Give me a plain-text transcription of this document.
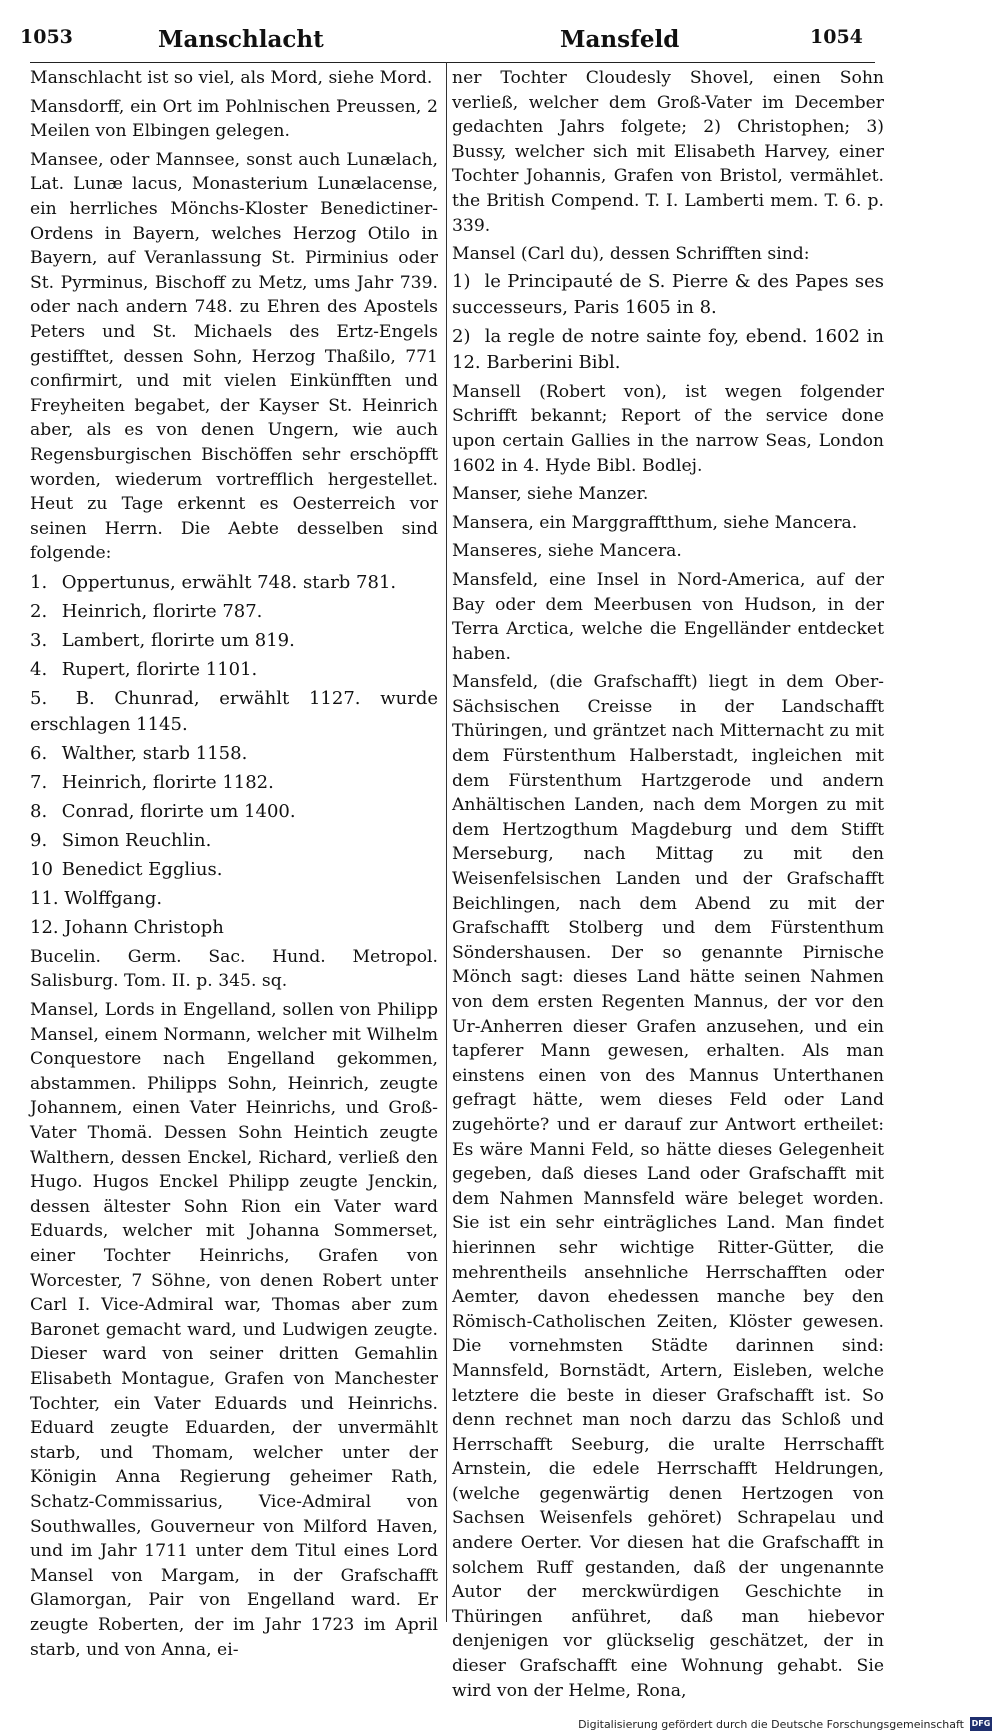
1053	Manschlacht	Mansfeld	1054

Manschlacht ist so viel, als Mord, siehe Mord.

Mansdorff, ein Ort im Pohlnischen Preussen, 2 Meilen von Elbingen gelegen.

Mansee, oder Mannsee, sonst auch Lunælach, Lat. Lunæ lacus, Monasterium Lunælacense, ein herrliches Mönchs-Kloster Benedictiner-Ordens in Bayern, welches Herzog Otilo in Bayern, auf Veranlassung St. Pirminius oder St. Pyrminus, Bischoff zu Metz, ums Jahr 739. oder nach andern 748. zu Ehren des Apostels Peters und St. Michaels des Ertz-Engels gestifftet, dessen Sohn, Herzog Thaßilo, 771 confirmirt, und mit vielen Einkünfften und Freyheiten begabet, der Kayser St. Heinrich aber, als es von denen Ungern, wie auch Regensburgischen Bischöffen sehr erschöpfft worden, wiederum vortrefflich hergestellet. Heut zu Tage erkennt es Oesterreich vor seinen Herrn. Die Aebte desselben sind folgende:

1. Oppertunus, erwählt 748. starb 781.
2. Heinrich, florirte 787.
3. Lambert, florirte um 819.
4. Rupert, florirte 1101.
5. B. Chunrad, erwählt 1127. wurde erschlagen 1145.
6. Walther, starb 1158.
7. Heinrich, florirte 1182.
8. Conrad, florirte um 1400.
9. Simon Reuchlin.
10 Benedict Egglius.
11. Wolffgang.
12. Johann Christoph

Bucelin. Germ. Sac. Hund. Metropol. Salisburg. Tom. II. p. 345. sq.

Mansel, Lords in Engelland, sollen von Philipp Mansel, einem Normann, welcher mit Wilhelm Conquestore nach Engelland gekommen, abstammen. Philipps Sohn, Heinrich, zeugte Johannem, einen Vater Heinrichs, und Groß-Vater Thomä. Dessen Sohn Heintich zeugte Walthern, dessen Enckel, Richard, verließ den Hugo. Hugos Enckel Philipp zeugte Jenckin, dessen ältester Sohn Rion ein Vater ward Eduards, welcher mit Johanna Sommerset, einer Tochter Heinrichs, Grafen von Worcester, 7 Söhne, von denen Robert unter Carl I. Vice-Admiral war, Thomas aber zum Baronet gemacht ward, und Ludwigen zeugte. Dieser ward von seiner dritten Gemahlin Elisabeth Montague, Grafen von Manchester Tochter, ein Vater Eduards und Heinrichs. Eduard zeugte Eduarden, der unvermählt starb, und Thomam, welcher unter der Königin Anna Regierung geheimer Rath, Schatz-Commissarius, Vice-Admiral von Southwalles, Gouverneur von Milford Haven, und im Jahr 1711 unter dem Titul eines Lord Mansel von Margam, in der Grafschafft Glamorgan, Pair von Engelland ward. Er zeugte Roberten, der im Jahr 1723 im April starb, und von Anna, ei-

ner Tochter Cloudesly Shovel, einen Sohn verließ, welcher dem Groß-Vater im December gedachten Jahrs folgete; 2) Christophen; 3) Bussy, welcher sich mit Elisabeth Harvey, einer Tochter Johannis, Grafen von Bristol, vermählet. the British Compend. T. I. Lamberti mem. T. 6. p. 339.

Mansel (Carl du), dessen Schrifften sind:

1) le Principauté de S. Pierre & des Papes ses successeurs, Paris 1605 in 8.
2) la regle de notre sainte foy, ebend. 1602 in 12. Barberini Bibl.

Mansell (Robert von), ist wegen folgender Schrifft bekannt; Report of the service done upon certain Gallies in the narrow Seas, London 1602 in 4. Hyde Bibl. Bodlej.

Manser, siehe Manzer.

Mansera, ein Marggrafftthum, siehe Mancera.

Manseres, siehe Mancera.

Mansfeld, eine Insel in Nord-America, auf der Bay oder dem Meerbusen von Hudson, in der Terra Arctica, welche die Engelländer entdecket haben.

Mansfeld, (die Grafschafft) liegt in dem Ober-Sächsischen Creisse in der Landschafft Thüringen, und gräntzet nach Mitternacht zu mit dem Fürstenthum Halberstadt, ingleichen mit dem Fürstenthum Hartzgerode und andern Anhältischen Landen, nach dem Morgen zu mit dem Hertzogthum Magdeburg und dem Stifft Merseburg, nach Mittag zu mit den Weisenfelsischen Landen und der Grafschafft Beichlingen, nach dem Abend zu mit der Grafschafft Stolberg und dem Fürstenthum Söndershausen. Der so genannte Pirnische Mönch sagt: dieses Land hätte seinen Nahmen von dem ersten Regenten Mannus, der vor den Ur-Anherren dieser Grafen anzusehen, und ein tapferer Mann gewesen, erhalten. Als man einstens einen von des Mannus Unterthanen gefragt hätte, wem dieses Feld oder Land zugehörte? und er darauf zur Antwort ertheilet: Es wäre Manni Feld, so hätte dieses Gelegenheit gegeben, daß dieses Land oder Grafschafft mit dem Nahmen Mannsfeld wäre beleget worden. Sie ist ein sehr einträgliches Land. Man findet hierinnen sehr wichtige Ritter-Gütter, die mehrentheils ansehnliche Herrschafften oder Aemter, davon ehedessen manche bey den Römisch-Catholischen Zeiten, Klöster gewesen. Die vornehmsten Städte darinnen sind: Mannsfeld, Bornstädt, Artern, Eisleben, welche letztere die beste in dieser Grafschafft ist. So denn rechnet man noch darzu das Schloß und Herrschafft Seeburg, die uralte Herrschafft Arnstein, die edele Herrschafft Heldrungen, (welche gegenwärtig denen Hertzogen von Sachsen Weisenfels gehöret) Schrapelau und andere Oerter. Vor diesen hat die Grafschafft in solchem Ruff gestanden, daß der ungenannte Autor der merckwürdigen Geschichte in Thüringen anführet, daß man hiebevor denjenigen vor glückselig geschätzet, der in dieser Grafschafft eine Wohnung gehabt. Sie wird von der Helme, Rona,

Digitalisierung gefördert durch die Deutsche Forschungsgemeinschaft DFG
